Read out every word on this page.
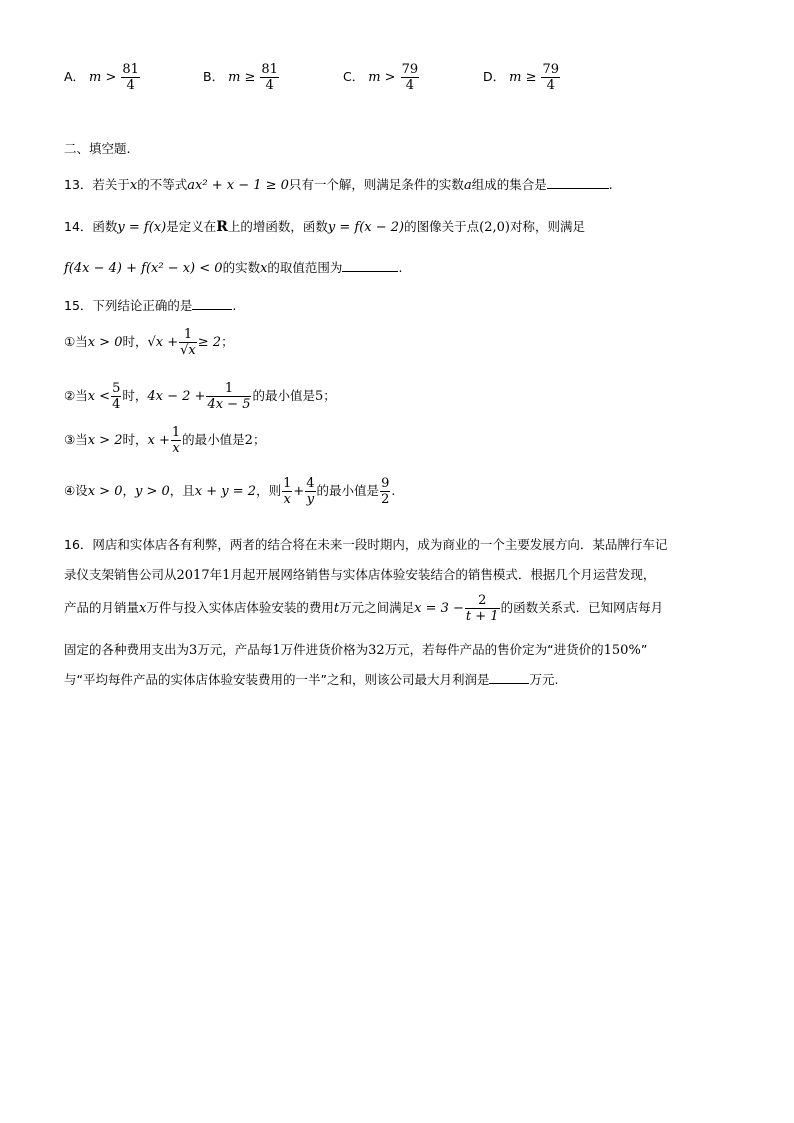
A． $m > \frac{81}{4}$	B． $m \ge \frac{81}{4}$	C． $m > \frac{79}{4}$	D． $m \ge \frac{79}{4}$
二、填空题.
13．若关于x的不等式ax² + x − 1 ≥ 0只有一个解，则满足条件的实数a组成的集合是	.
14．函数y = f(x)是定义在R上的增函数，函数y = f(x − 2)的图像关于点(2,0)对称，则满足
f(4x − 4) + f(x² − x) < 0的实数x的取值范围为	.
15．下列结论正确的是	.
①当x > 0时，$√x + \frac{1}{√x} \ge 2$；
②当$x < \frac{5}{4}$ 时，$4x - 2 + \frac{1}{4x - 5}$ 的最小值是5；
③当x > 2时，$x + \frac{1}{x}$ 的最小值是2；
④设x > 0，y > 0，且x + y = 2，则 $\frac{1}{x} + \frac{4}{y}$ 的最小值是 $\frac{9}{2}$ .
16．网店和实体店各有利弊，两者的结合将在未来一段时期内，成为商业的一个主要发展方向．某品牌行车记
录仪支架销售公司从2017年1月起开展网络销售与实体店体验安装结合的销售模式．根据几个月运营发现，
产品的月销量x万件与投入实体店体验安装的费用t万元之间满足$x = 3 - \frac{2}{t + 1}$ 的函数关系式．已知网店每月
固定的各种费用支出为3万元，产品每1万件进货价格为32万元，若每件产品的售价定为“进货价的150%”
与“平均每件产品的实体店体验安装费用的一半”之和，则该公司最大月利润是	万元.
